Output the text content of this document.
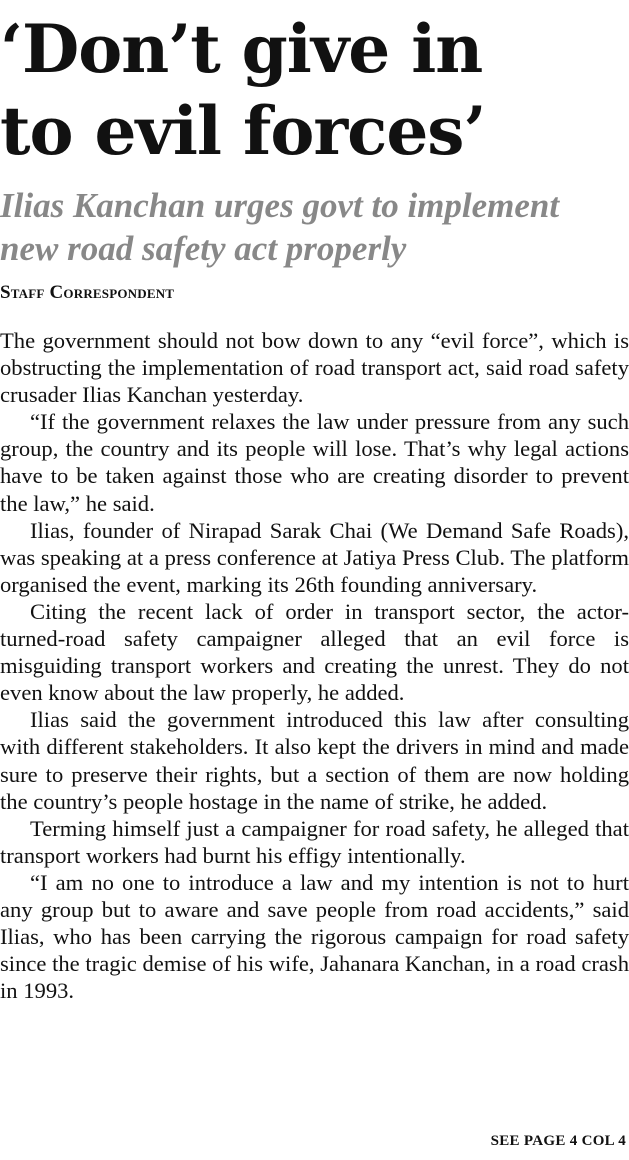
‘Don’t give in
to evil forces’
Ilias Kanchan urges govt to implement
new road safety act properly
Staff Correspondent

The government should not bow down to any “evil force”, which is obstructing the implementation of road transport act, said road safety crusader Ilias Kanchan yesterday.

“If the government relaxes the law under pressure from any such group, the country and its people will lose. That’s why legal actions have to be taken against those who are creating disorder to prevent the law,” he said.

Ilias, founder of Nirapad Sarak Chai (We Demand Safe Roads), was speaking at a press conference at Jatiya Press Club. The platform organised the event, marking its 26th founding anniversary.

Citing the recent lack of order in transport sector, the actor-turned-road safety campaigner alleged that an evil force is misguiding transport workers and creating the unrest. They do not even know about the law properly, he added.

Ilias said the government introduced this law after consulting with different stakeholders. It also kept the drivers in mind and made sure to preserve their rights, but a section of them are now holding the country’s people hostage in the name of strike, he added.

Terming himself just a campaigner for road safety, he alleged that transport workers had burnt his effigy intentionally.

“I am no one to introduce a law and my intention is not to hurt any group but to aware and save people from road accidents,” said Ilias, who has been carrying the rigorous campaign for road safety since the tragic demise of his wife, Jahanara Kanchan, in a road crash in 1993.

SEE PAGE 4 COL 4
